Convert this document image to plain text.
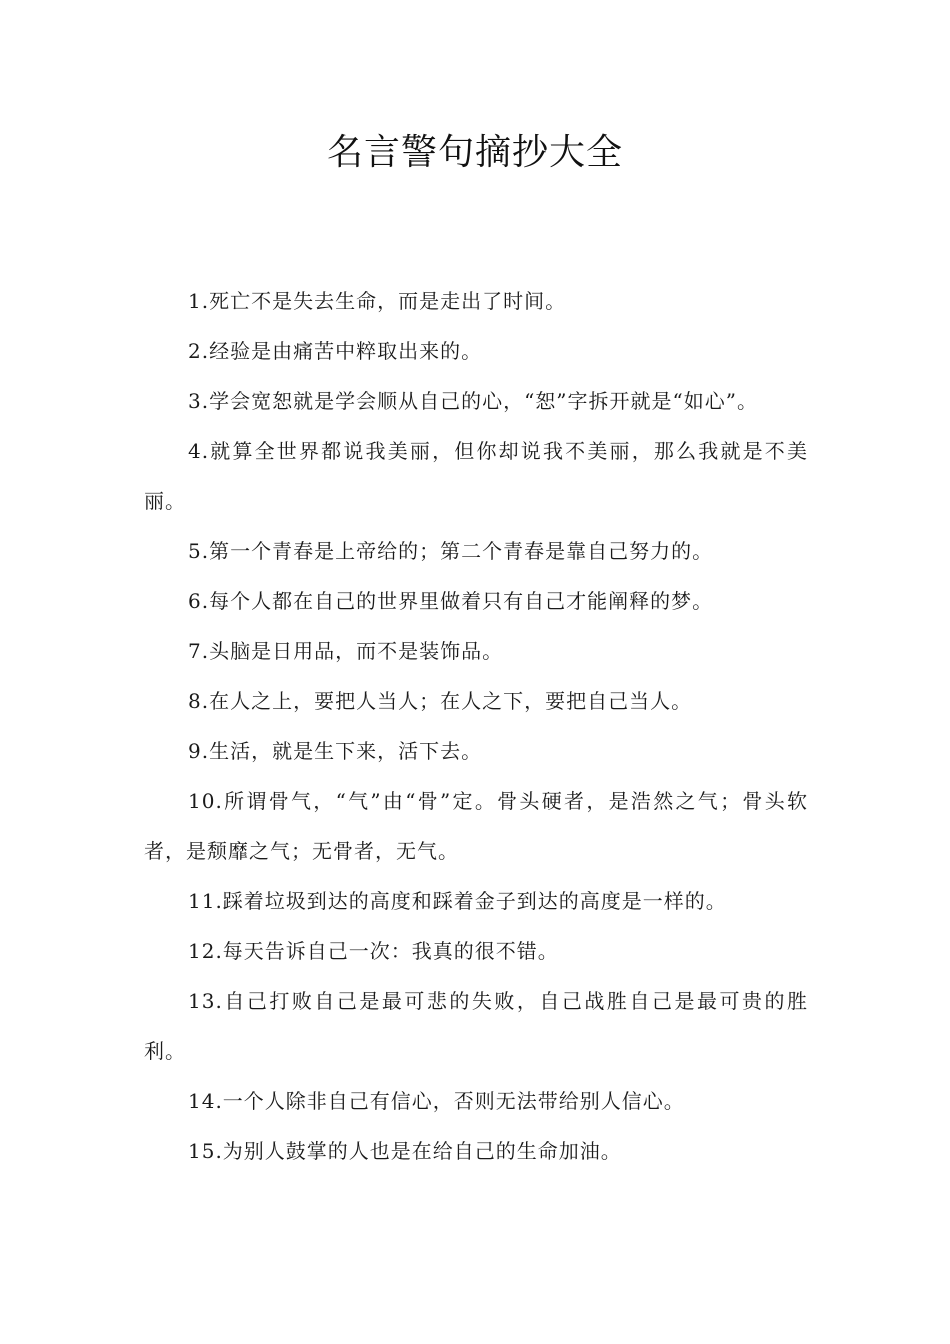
名言警句摘抄大全

1.死亡不是失去生命，而是走出了时间。

2.经验是由痛苦中粹取出来的。

3.学会宽恕就是学会顺从自己的心，“恕”字拆开就是“如心”。

4.就算全世界都说我美丽，但你却说我不美丽，那么我就是不美丽。

5.第一个青春是上帝给的；第二个青春是靠自己努力的。

6.每个人都在自己的世界里做着只有自己才能阐释的梦。

7.头脑是日用品，而不是装饰品。

8.在人之上，要把人当人；在人之下，要把自己当人。

9.生活，就是生下来，活下去。

10.所谓骨气，“气”由“骨”定。骨头硬者，是浩然之气；骨头软者，是颓靡之气；无骨者，无气。

11.踩着垃圾到达的高度和踩着金子到达的高度是一样的。

12.每天告诉自己一次：我真的很不错。

13.自己打败自己是最可悲的失败，自己战胜自己是最可贵的胜利。

14.一个人除非自己有信心，否则无法带给别人信心。

15.为别人鼓掌的人也是在给自己的生命加油。
